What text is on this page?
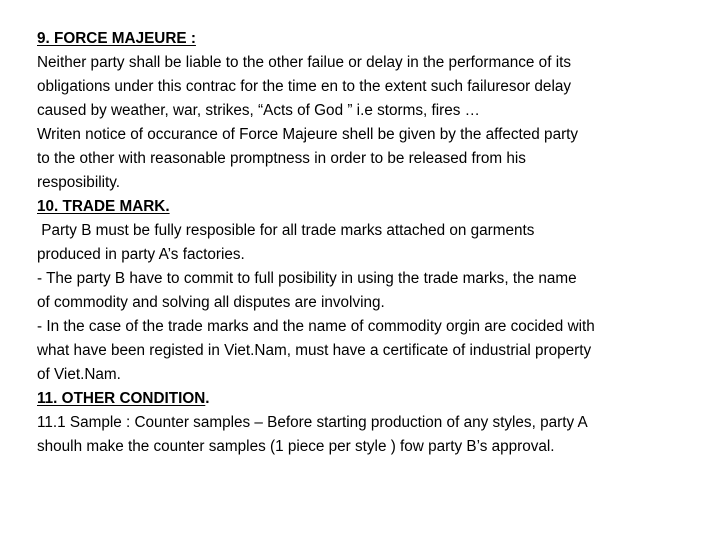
9. FORCE MAJEURE :

Neither party shall be liable to the other failue or delay in the performance of its
obligations under this contrac for the time en to the extent such failuresor delay
caused by weather, war, strikes, “Acts of God ” i.e storms, fires …

Writen notice of occurance of Force Majeure shell be given by the affected party
to the other with reasonable promptness in order to be released from his
resposibility.

10. TRADE MARK.

Party B must be fully resposible for all trade marks attached on garments
produced in party A’s factories.

- The party B have to commit to full posibility in using the trade marks, the name
of commodity and solving all disputes are involving.

- In the case of the trade marks and the name of commodity orgin are cocided with
what have been registed in Viet.Nam, must have a certificate of industrial property
of Viet.Nam.

11. OTHER CONDITION.

11.1 Sample : Counter samples – Before starting production of any styles, party A
shoulh make the counter samples (1 piece per style ) fow party B’s approval.
